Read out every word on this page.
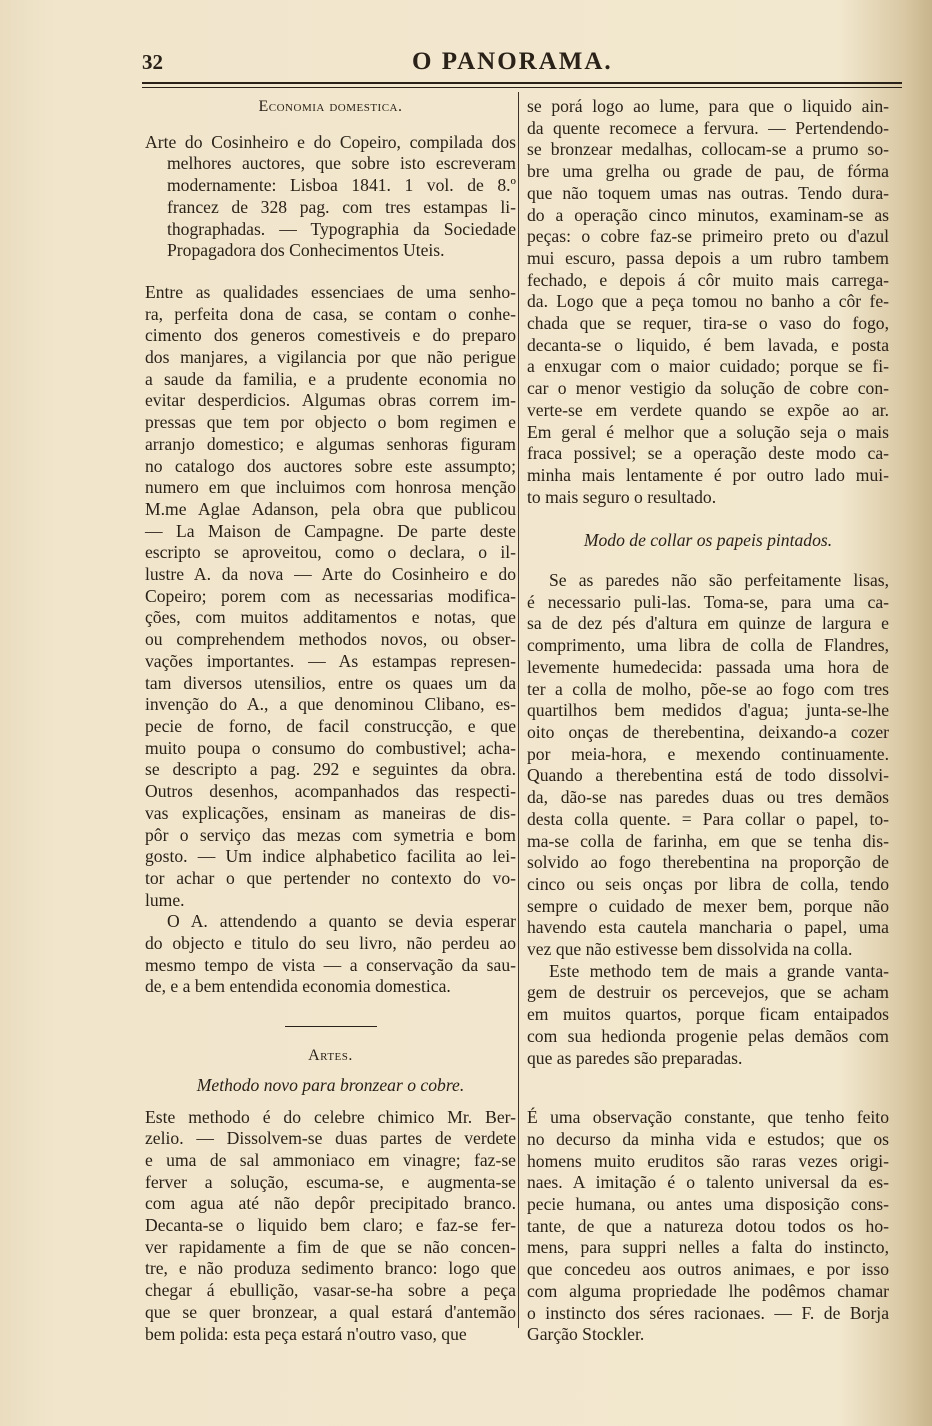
32	O PANORAMA.

Economia domestica.

Arte do Cosinheiro e do Copeiro, compilada dos
melhores auctores, que sobre isto escreveram
modernamente: Lisboa 1841. 1 vol. de 8.º
francez de 328 pag. com tres estampas li-
thographadas. — Typographia da Sociedade
Propagadora dos Conhecimentos Uteis.
Entre as qualidades essenciaes de uma senho-
ra, perfeita dona de casa, se contam o conhe-
cimento dos generos comestiveis e do preparo
dos manjares, a vigilancia por que não perigue
a saude da familia, e a prudente economia no
evitar desperdicios. Algumas obras correm im-
pressas que tem por objecto o bom regimen e
arranjo domestico; e algumas senhoras figuram
no catalogo dos auctores sobre este assumpto;
numero em que incluimos com honrosa menção
M.me Aglae Adanson, pela obra que publicou
— La Maison de Campagne. De parte deste
escripto se aproveitou, como o declara, o il-
lustre A. da nova — Arte do Cosinheiro e do
Copeiro; porem com as necessarias modifica-
ções, com muitos additamentos e notas, que
ou comprehendem methodos novos, ou obser-
vações importantes. — As estampas represen-
tam diversos utensilios, entre os quaes um da
invenção do A., a que denominou Clibano, es-
pecie de forno, de facil construcção, e que
muito poupa o consumo do combustivel; acha-
se descripto a pag. 292 e seguintes da obra.
Outros desenhos, acompanhados das respecti-
vas explicações, ensinam as maneiras de dis-
pôr o serviço das mezas com symetria e bom
gosto. — Um indice alphabetico facilita ao lei-
tor achar o que pertender no contexto do vo-
lume.
O A. attendendo a quanto se devia esperar
do objecto e titulo do seu livro, não perdeu ao
mesmo tempo de vista — a conservação da sau-
de, e a bem entendida economia domestica.

Artes.

Methodo novo para bronzear o cobre.

Este methodo é do celebre chimico Mr. Ber-
zelio. — Dissolvem-se duas partes de verdete
e uma de sal ammoniaco em vinagre; faz-se
ferver a solução, escuma-se, e augmenta-se
com agua até não depôr precipitado branco.
Decanta-se o liquido bem claro; e faz-se fer-
ver rapidamente a fim de que se não concen-
tre, e não produza sedimento branco: logo que
chegar á ebullição, vasar-se-ha sobre a peça
que se quer bronzear, a qual estará d'antemão
bem polida: esta peça estará n'outro vaso, que
se porá logo ao lume, para que o liquido ain-
da quente recomece a fervura. — Pertendendo-
se bronzear medalhas, collocam-se a prumo so-
bre uma grelha ou grade de pau, de fórma
que não toquem umas nas outras. Tendo dura-
do a operação cinco minutos, examinam-se as
peças: o cobre faz-se primeiro preto ou d'azul
mui escuro, passa depois a um rubro tambem
fechado, e depois á côr muito mais carrega-
da. Logo que a peça tomou no banho a côr fe-
chada que se requer, tira-se o vaso do fogo,
decanta-se o liquido, é bem lavada, e posta
a enxugar com o maior cuidado; porque se fi-
car o menor vestigio da solução de cobre con-
verte-se em verdete quando se expõe ao ar.
Em geral é melhor que a solução seja o mais
fraca possivel; se a operação deste modo ca-
minha mais lentamente é por outro lado mui-
to mais seguro o resultado.

Modo de collar os papeis pintados.

Se as paredes não são perfeitamente lisas,
é necessario puli-las. Toma-se, para uma ca-
sa de dez pés d'altura em quinze de largura e
comprimento, uma libra de colla de Flandres,
levemente humedecida: passada uma hora de
ter a colla de molho, põe-se ao fogo com tres
quartilhos bem medidos d'agua; junta-se-lhe
oito onças de therebentina, deixando-a cozer
por meia-hora, e mexendo continuamente.
Quando a therebentina está de todo dissolvi-
da, dão-se nas paredes duas ou tres demãos
desta colla quente. = Para collar o papel, to-
ma-se colla de farinha, em que se tenha dis-
solvido ao fogo therebentina na proporção de
cinco ou seis onças por libra de colla, tendo
sempre o cuidado de mexer bem, porque não
havendo esta cautela mancharia o papel, uma
vez que não estivesse bem dissolvida na colla.
Este methodo tem de mais a grande vanta-
gem de destruir os percevejos, que se acham
em muitos quartos, porque ficam entaipados
com sua hedionda progenie pelas demãos com
que as paredes são preparadas.
É uma observação constante, que tenho feito
no decurso da minha vida e estudos; que os
homens muito eruditos são raras vezes origi-
naes. A imitação é o talento universal da es-
pecie humana, ou antes uma disposição cons-
tante, de que a natureza dotou todos os ho-
mens, para suppri nelles a falta do instincto,
que concedeu aos outros animaes, e por isso
com alguma propriedade lhe podêmos chamar
o instincto dos séres racionaes. — F. de Borja
Garção Stockler.
